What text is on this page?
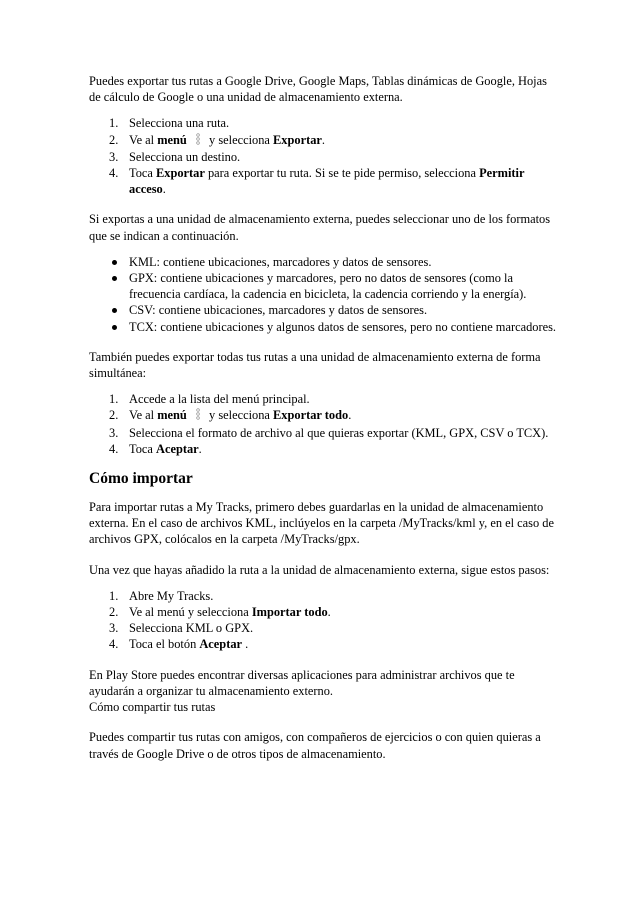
Puedes exportar tus rutas a Google Drive, Google Maps, Tablas dinámicas de Google, Hojas de cálculo de Google o una unidad de almacenamiento externa.

1. Selecciona una ruta.
2. Ve al menú  y selecciona Exportar.
3. Selecciona un destino.
4. Toca Exportar para exportar tu ruta. Si se te pide permiso, selecciona Permitir acceso.

Si exportas a una unidad de almacenamiento externa, puedes seleccionar uno de los formatos que se indican a continuación.

KML: contiene ubicaciones, marcadores y datos de sensores.
GPX: contiene ubicaciones y marcadores, pero no datos de sensores (como la frecuencia cardíaca, la cadencia en bicicleta, la cadencia corriendo y la energía).
CSV: contiene ubicaciones, marcadores y datos de sensores.
TCX: contiene ubicaciones y algunos datos de sensores, pero no contiene marcadores.

También puedes exportar todas tus rutas a una unidad de almacenamiento externa de forma simultánea:

1. Accede a la lista del menú principal.
2. Ve al menú  y selecciona Exportar todo.
3. Selecciona el formato de archivo al que quieras exportar (KML, GPX, CSV o TCX).
4. Toca Aceptar.
Cómo importar

Para importar rutas a My Tracks, primero debes guardarlas en la unidad de almacenamiento externa. En el caso de archivos KML, inclúyelos en la carpeta /MyTracks/kml y, en el caso de archivos GPX, colócalos en la carpeta /MyTracks/gpx.

Una vez que hayas añadido la ruta a la unidad de almacenamiento externa, sigue estos pasos:

1. Abre My Tracks.
2. Ve al menú y selecciona Importar todo.
3. Selecciona KML o GPX.
4. Toca el botón Aceptar .

En Play Store puedes encontrar diversas aplicaciones para administrar archivos que te ayudarán a organizar tu almacenamiento externo.

Cómo compartir tus rutas

Puedes compartir tus rutas con amigos, con compañeros de ejercicios o con quien quieras a través de Google Drive o de otros tipos de almacenamiento.
